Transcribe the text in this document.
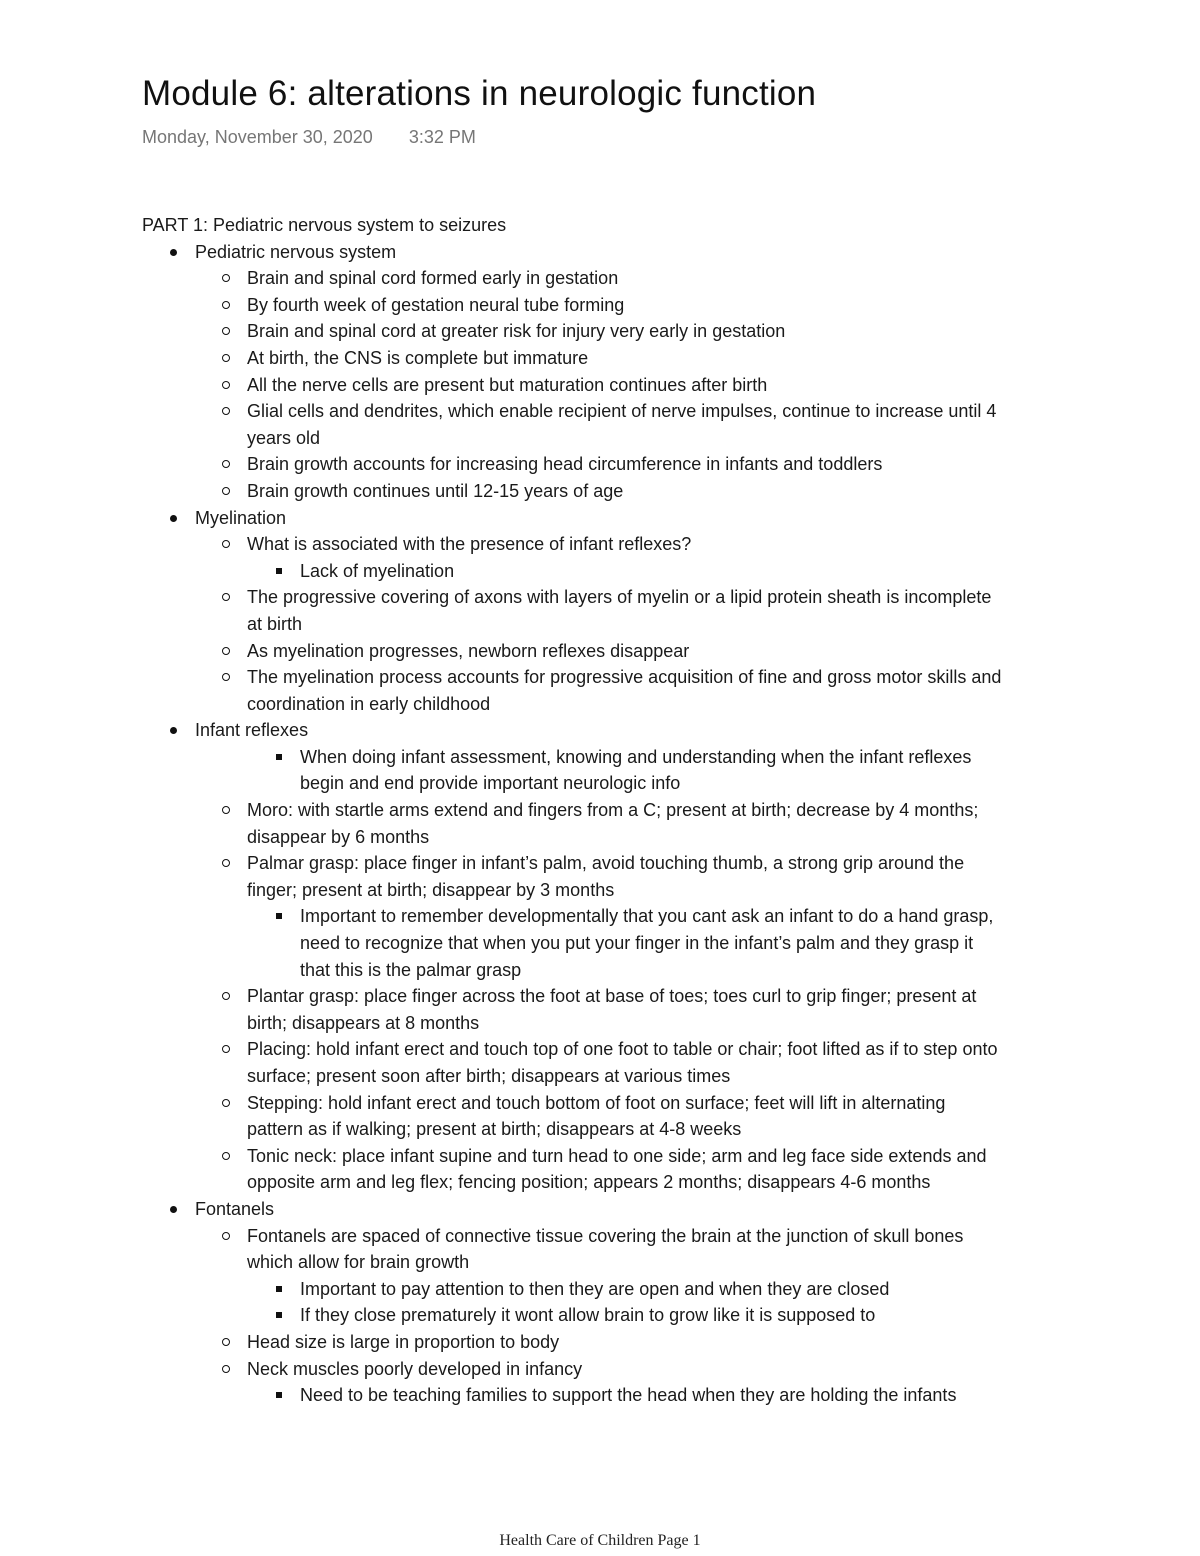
Module 6: alterations in neurologic function
Monday, November 30, 2020 3:32 PM
PART 1: Pediatric nervous system to seizures
Pediatric nervous system
Brain and spinal cord formed early in gestation
By fourth week of gestation neural tube forming
Brain and spinal cord at greater risk for injury very early in gestation
At birth, the CNS is complete but immature
All the nerve cells are present but maturation continues after birth
Glial cells and dendrites, which enable recipient of nerve impulses, continue to increase until 4 years old
Brain growth accounts for increasing head circumference in infants and toddlers
Brain growth continues until 12-15 years of age
Myelination
What is associated with the presence of infant reflexes?
Lack of myelination
The progressive covering of axons with layers of myelin or a lipid protein sheath is incomplete at birth
As myelination progresses, newborn reflexes disappear
The myelination process accounts for progressive acquisition of fine and gross motor skills and coordination in early childhood
Infant reflexes
When doing infant assessment, knowing and understanding when the infant reflexes begin and end provide important neurologic info
Moro: with startle arms extend and fingers from a C; present at birth; decrease by 4 months; disappear by 6 months
Palmar grasp: place finger in infant’s palm, avoid touching thumb, a strong grip around the finger; present at birth; disappear by 3 months
Important to remember developmentally that you cant ask an infant to do a hand grasp, need to recognize that when you put your finger in the infant’s palm and they grasp it that this is the palmar grasp
Plantar grasp: place finger across the foot at base of toes; toes curl to grip finger; present at birth; disappears at 8 months
Placing: hold infant erect and touch top of one foot to table or chair; foot lifted as if to step onto surface; present soon after birth; disappears at various times
Stepping: hold infant erect and touch bottom of foot on surface; feet will lift in alternating pattern as if walking; present at birth; disappears at 4-8 weeks
Tonic neck: place infant supine and turn head to one side; arm and leg face side extends and opposite arm and leg flex; fencing position; appears 2 months; disappears 4-6 months
Fontanels
Fontanels are spaced of connective tissue covering the brain at the junction of skull bones which allow for brain growth
Important to pay attention to then they are open and when they are closed
If they close prematurely it wont allow brain to grow like it is supposed to
Head size is large in proportion to body
Neck muscles poorly developed in infancy
Need to be teaching families to support the head when they are holding the infants
Health Care of Children Page 1
